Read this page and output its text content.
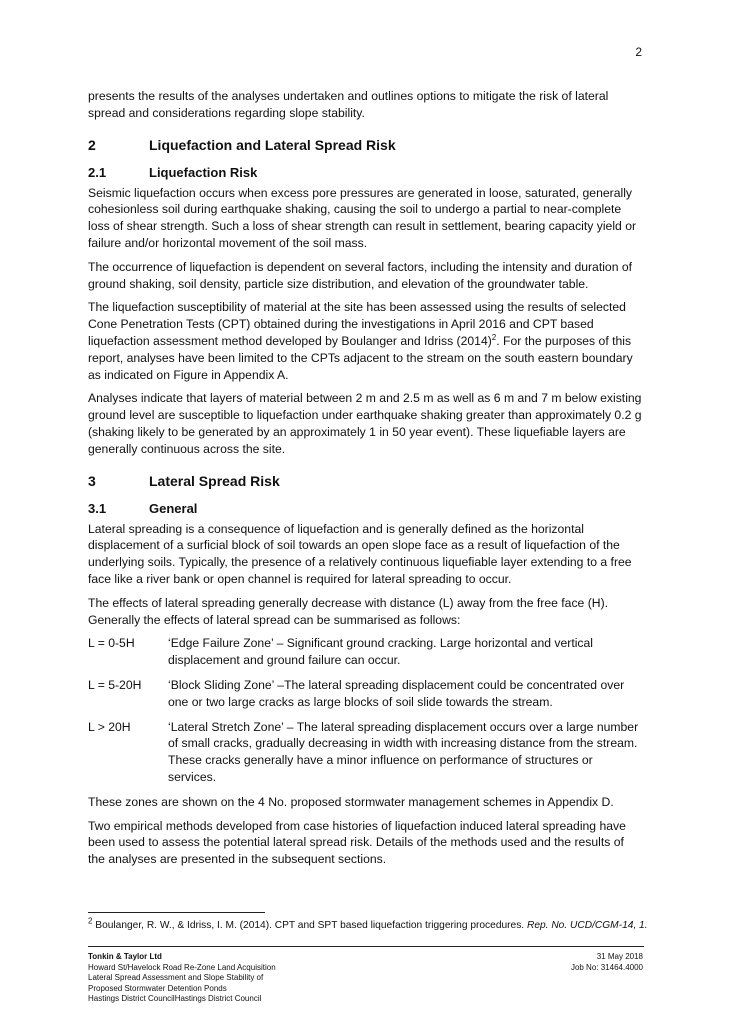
2

presents the results of the analyses undertaken and outlines options to mitigate the risk of lateral spread and considerations regarding slope stability.

2	Liquefaction and Lateral Spread Risk
2.1	Liquefaction Risk

Seismic liquefaction occurs when excess pore pressures are generated in loose, saturated, generally cohesionless soil during earthquake shaking, causing the soil to undergo a partial to near-complete loss of shear strength. Such a loss of shear strength can result in settlement, bearing capacity yield or failure and/or horizontal movement of the soil mass.

The occurrence of liquefaction is dependent on several factors, including the intensity and duration of ground shaking, soil density, particle size distribution, and elevation of the groundwater table.

The liquefaction susceptibility of material at the site has been assessed using the results of selected Cone Penetration Tests (CPT) obtained during the investigations in April 2016 and CPT based liquefaction assessment method developed by Boulanger and Idriss $(2014)^2$. For the purposes of this report, analyses have been limited to the CPTs adjacent to the stream on the south eastern boundary as indicated on Figure in Appendix A.

Analyses indicate that layers of material between 2 m and 2.5 m as well as 6 m and 7 m below existing ground level are susceptible to liquefaction under earthquake shaking greater than approximately 0.2 g (shaking likely to be generated by an approximately 1 in 50 year event). These liquefiable layers are generally continuous across the site.

3	Lateral Spread Risk
3.1	General

Lateral spreading is a consequence of liquefaction and is generally defined as the horizontal displacement of a surficial block of soil towards an open slope face as a result of liquefaction of the underlying soils. Typically, the presence of a relatively continuous liquefiable layer extending to a free face like a river bank or open channel is required for lateral spreading to occur.

The effects of lateral spreading generally decrease with distance (L) away from the free face (H). Generally the effects of lateral spread can be summarised as follows:

L = 0-5H	‘Edge Failure Zone’ – Significant ground cracking. Large horizontal and vertical displacement and ground failure can occur.
L = 5-20H	‘Block Sliding Zone’ –The lateral spreading displacement could be concentrated over one or two large cracks as large blocks of soil slide towards the stream.
L > 20H	‘Lateral Stretch Zone’ – The lateral spreading displacement occurs over a large number of small cracks, gradually decreasing in width with increasing distance from the stream. These cracks generally have a minor influence on performance of structures or services.

These zones are shown on the 4 No. proposed stormwater management schemes in Appendix D.

Two empirical methods developed from case histories of liquefaction induced lateral spreading have been used to assess the potential lateral spread risk. Details of the methods used and the results of the analyses are presented in the subsequent sections.

$^2$ Boulanger, R. W., & Idriss, I. M. (2014). CPT and SPT based liquefaction triggering procedures. Rep. No. UCD/CGM-14, 1.
Tonkin & Taylor Ltd
Howard St/Havelock Road Re-Zone Land Acquisition
Lateral Spread Assessment and Slope Stability of
Proposed Stormwater Detention Ponds
Hastings District CouncilHastings District Council
31 May 2018
Job No: 31464.4000
